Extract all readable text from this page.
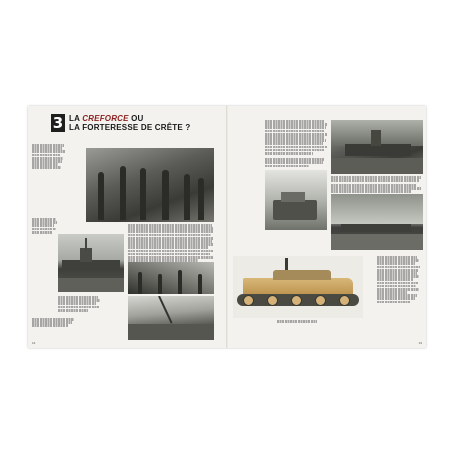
3 LA CREFORCE OU
LA FORTERESSE DE CRÊTE ?
16	19
